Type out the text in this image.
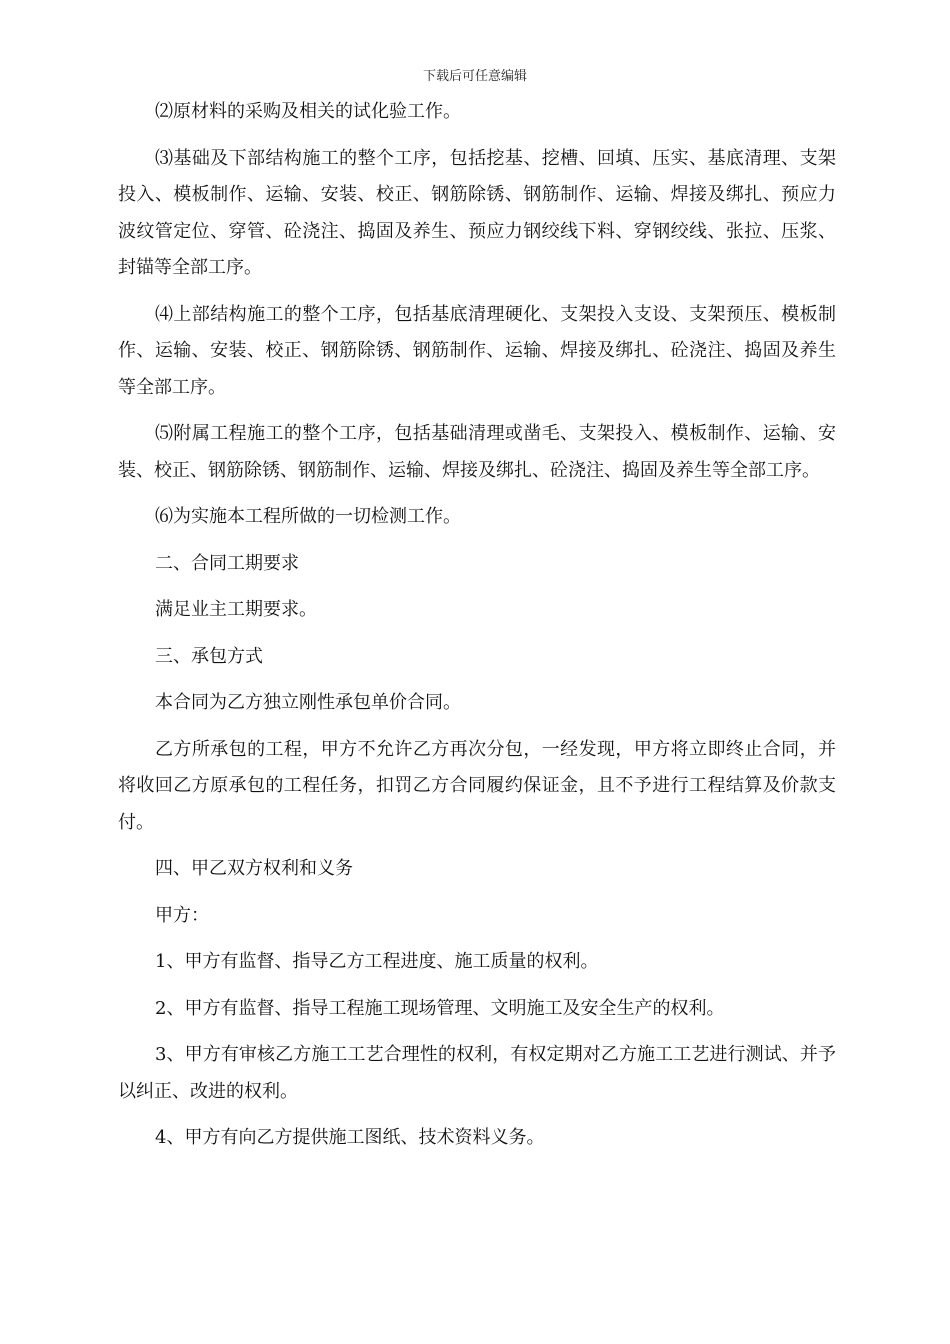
下载后可任意编辑

⑵原材料的采购及相关的试化验工作。

⑶基础及下部结构施工的整个工序，包括挖基、挖槽、回填、压实、基底清理、支架投入、模板制作、运输、安装、校正、钢筋除锈、钢筋制作、运输、焊接及绑扎、预应力波纹管定位、穿管、砼浇注、捣固及养生、预应力钢绞线下料、穿钢绞线、张拉、压浆、封锚等全部工序。

⑷上部结构施工的整个工序，包括基底清理硬化、支架投入支设、支架预压、模板制作、运输、安装、校正、钢筋除锈、钢筋制作、运输、焊接及绑扎、砼浇注、捣固及养生等全部工序。

⑸附属工程施工的整个工序，包括基础清理或凿毛、支架投入、模板制作、运输、安装、校正、钢筋除锈、钢筋制作、运输、焊接及绑扎、砼浇注、捣固及养生等全部工序。

⑹为实施本工程所做的一切检测工作。

二、合同工期要求

满足业主工期要求。

三、承包方式

本合同为乙方独立刚性承包单价合同。

乙方所承包的工程，甲方不允许乙方再次分包，一经发现，甲方将立即终止合同，并将收回乙方原承包的工程任务，扣罚乙方合同履约保证金，且不予进行工程结算及价款支付。

四、甲乙双方权利和义务

甲方：

1、甲方有监督、指导乙方工程进度、施工质量的权利。

2、甲方有监督、指导工程施工现场管理、文明施工及安全生产的权利。

3、甲方有审核乙方施工工艺合理性的权利，有权定期对乙方施工工艺进行测试、并予以纠正、改进的权利。

4、甲方有向乙方提供施工图纸、技术资料义务。
